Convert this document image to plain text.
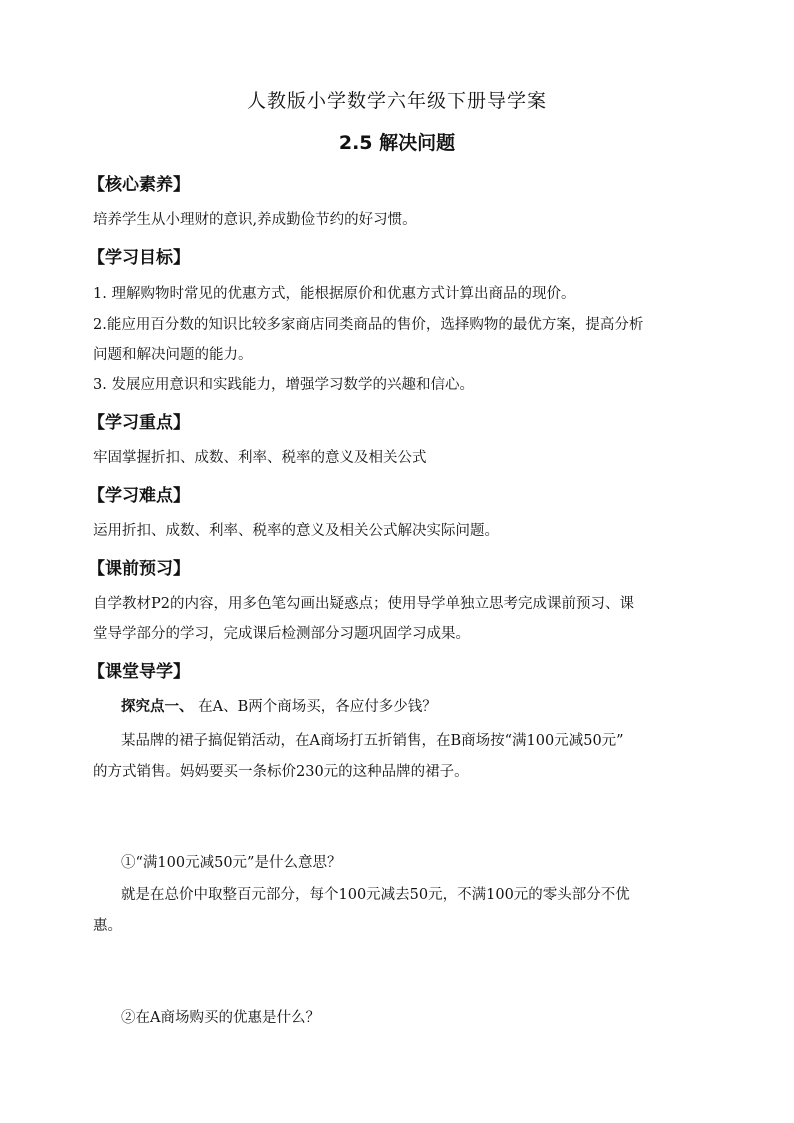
人教版小学数学六年级下册导学案
2.5 解决问题
【核心素养】
培养学生从小理财的意识,养成勤俭节约的好习惯。
【学习目标】
1. 理解购物时常见的优惠方式，能根据原价和优惠方式计算出商品的现价。
2.能应用百分数的知识比较多家商店同类商品的售价，选择购物的最优方案，提高分析
问题和解决问题的能力。
3. 发展应用意识和实践能力，增强学习数学的兴趣和信心。
【学习重点】
牢固掌握折扣、成数、利率、税率的意义及相关公式
【学习难点】
运用折扣、成数、利率、税率的意义及相关公式解决实际问题。
【课前预习】
自学教材P2的内容，用多色笔勾画出疑惑点；使用导学单独立思考完成课前预习、课
堂导学部分的学习，完成课后检测部分习题巩固学习成果。
【课堂导学】
探究点一、 在A、B两个商场买，各应付多少钱？
某品牌的裙子搞促销活动，在A商场打五折销售，在B商场按“满100元减50元”
的方式销售。妈妈要买一条标价230元的这种品牌的裙子。
①“满100元减50元”是什么意思？
就是在总价中取整百元部分，每个100元减去50元，不满100元的零头部分不优
惠。
②在A商场购买的优惠是什么？
